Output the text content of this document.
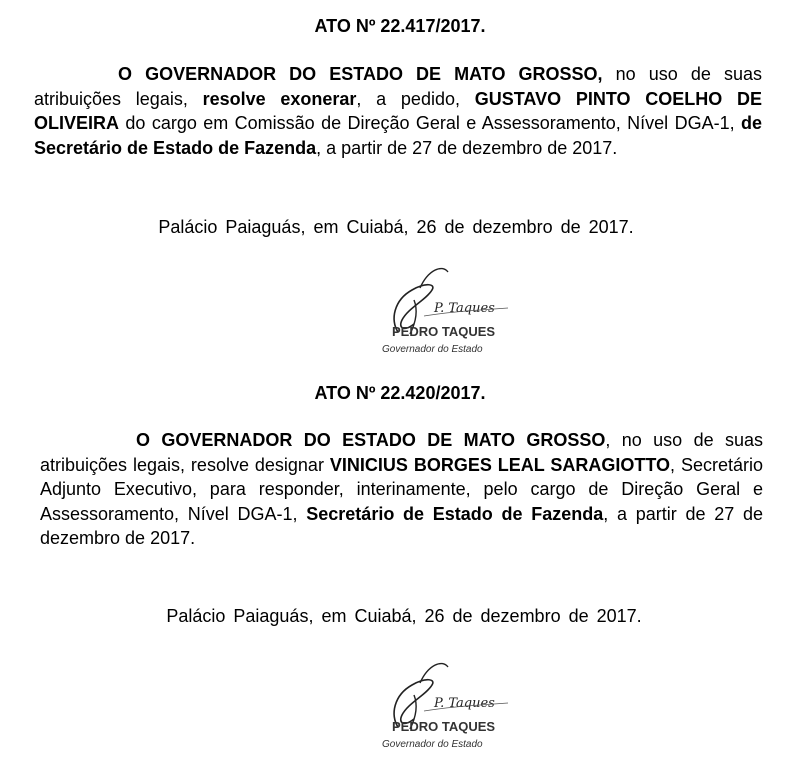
ATO Nº 22.417/2017.

O GOVERNADOR DO ESTADO DE MATO GROSSO, no uso de suas atribuições legais, resolve exonerar, a pedido, GUSTAVO PINTO COELHO DE OLIVEIRA do cargo em Comissão de Direção Geral e Assessoramento, Nível DGA-1, de Secretário de Estado de Fazenda, a partir de 27 de dezembro de 2017.

Palácio Paiaguás, em Cuiabá, 26 de dezembro de 2017.

P. Taques
PEDRO TAQUES
Governador do Estado
ATO Nº 22.420/2017.

O GOVERNADOR DO ESTADO DE MATO GROSSO, no uso de suas atribuições legais, resolve designar VINICIUS BORGES LEAL SARAGIOTTO, Secretário Adjunto Executivo, para responder, interinamente, pelo cargo de Direção Geral e Assessoramento, Nível DGA-1, Secretário de Estado de Fazenda, a partir de 27 de dezembro de 2017.

Palácio Paiaguás, em Cuiabá, 26 de dezembro de 2017.

P. Taques
PEDRO TAQUES
Governador do Estado
